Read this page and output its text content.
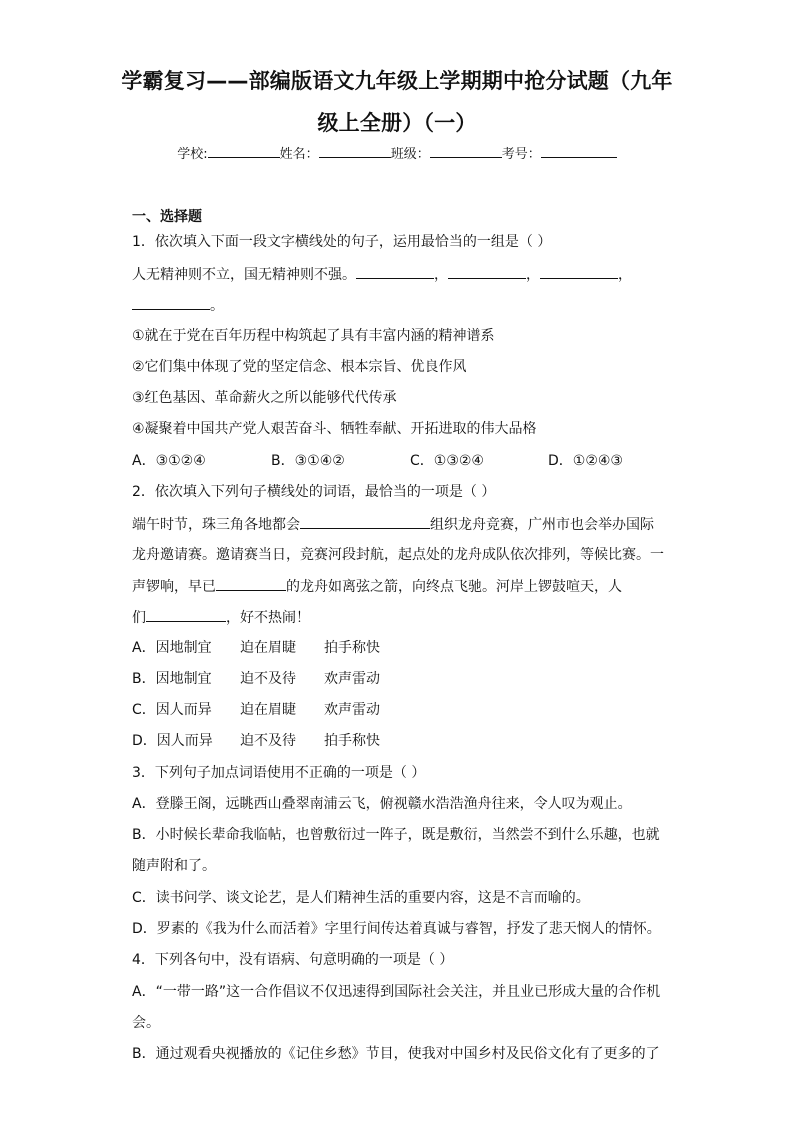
学霸复习——部编版语文九年级上学期期中抢分试题（九年
级上全册）（一）
学校:	姓名：	班级：	考号：
一、选择题
1．依次填入下面一段文字横线处的句子，运用最恰当的一组是（ ）
人无精神则不立，国无精神则不强。	，	，	，
。
①就在于党在百年历程中构筑起了具有丰富内涵的精神谱系
②它们集中体现了党的坚定信念、根本宗旨、优良作风
③红色基因、革命薪火之所以能够代代传承
④凝聚着中国共产党人艰苦奋斗、牺牲奉献、开拓进取的伟大品格
A．③①②④	B．③①④②	C．①③②④	D．①②④③
2．依次填入下列句子横线处的词语，最恰当的一项是（ ）
端午时节，珠三角各地都会	组织龙舟竞赛，广州市也会举办国际
龙舟邀请赛。邀请赛当日，竞赛河段封航，起点处的龙舟成队依次排列，等候比赛。一
声锣响，早已	的龙舟如离弦之箭，向终点飞驰。河岸上锣鼓喧天，人
们	，好不热闹！
A．因地制宜 迫在眉睫 拍手称快
B．因地制宜 迫不及待 欢声雷动
C．因人而异 迫在眉睫 欢声雷动
D．因人而异 迫不及待 拍手称快
3．下列句子加点词语使用不正确的一项是（ ）
A．登滕王阁，远眺西山叠翠南浦云飞，俯视赣水浩浩渔舟往来，令人叹为观止。
B．小时候长辈命我临帖，也曾敷衍过一阵子，既是敷衍，当然尝不到什么乐趣，也就
随声附和了。
C．读书问学、谈文论艺，是人们精神生活的重要内容，这是不言而喻的。
D．罗素的《我为什么而活着》字里行间传达着真诚与睿智，抒发了悲天悯人的情怀。
4．下列各句中，没有语病、句意明确的一项是（ ）
A．“一带一路”这一合作倡议不仅迅速得到国际社会关注，并且业已形成大量的合作机
会。
B．通过观看央视播放的《记住乡愁》节目，使我对中国乡村及民俗文化有了更多的了
